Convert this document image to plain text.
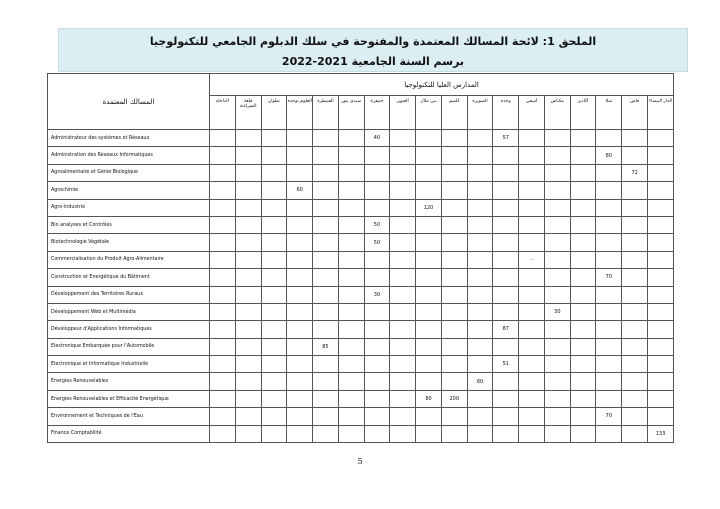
الملحق 1: لائحة المسالك المعتمدة والمفتوحة في سلك الدبلوم الجامعي للتكنولوجيا
برسم السنة الجامعية 2021-2022
المسالك المعتمدة	المدارس العليا للتكنولوجيا																	
	الداخلة	قلعة السراغنة	تطوان	العلوم بوجدة	القنيطرة	سيدي بنور	خنيفرة	العيون	بني ملال	كلميم	الصويرة	وجدة	آسفي	مكناس	أكادير	سلا	فاس	الدار البيضاء
Administrateur des systèmes et Réseaux							40					57						
Administration des Réseaux Informatiques																80		
Agroalimentaire et Génie Biologique																	72	
Agrochimie				60														
Agro-industrie									120									
Bio analyses et Contrôles							50											
Biotechnologie Végétale							50											
Commercialisation du Produit Agro-Alimentaire													-					
Construction et Energétique du Bâtiment																70		
Développement des Territoires Ruraux							30											
Développement Web et Multimédia														30				
Développeur d'Applications Informatiques												87						
Electronique Embarquée pour l'Automobile					85													
Electronique et Informatique Industrielle												51						
Energies Renouvelables											60							
Energies Renouvelables et Efficacité Energétique									80	200								
Environnement et Techniques de l'Eau																70		
Finance Comptabilité																		133
5
